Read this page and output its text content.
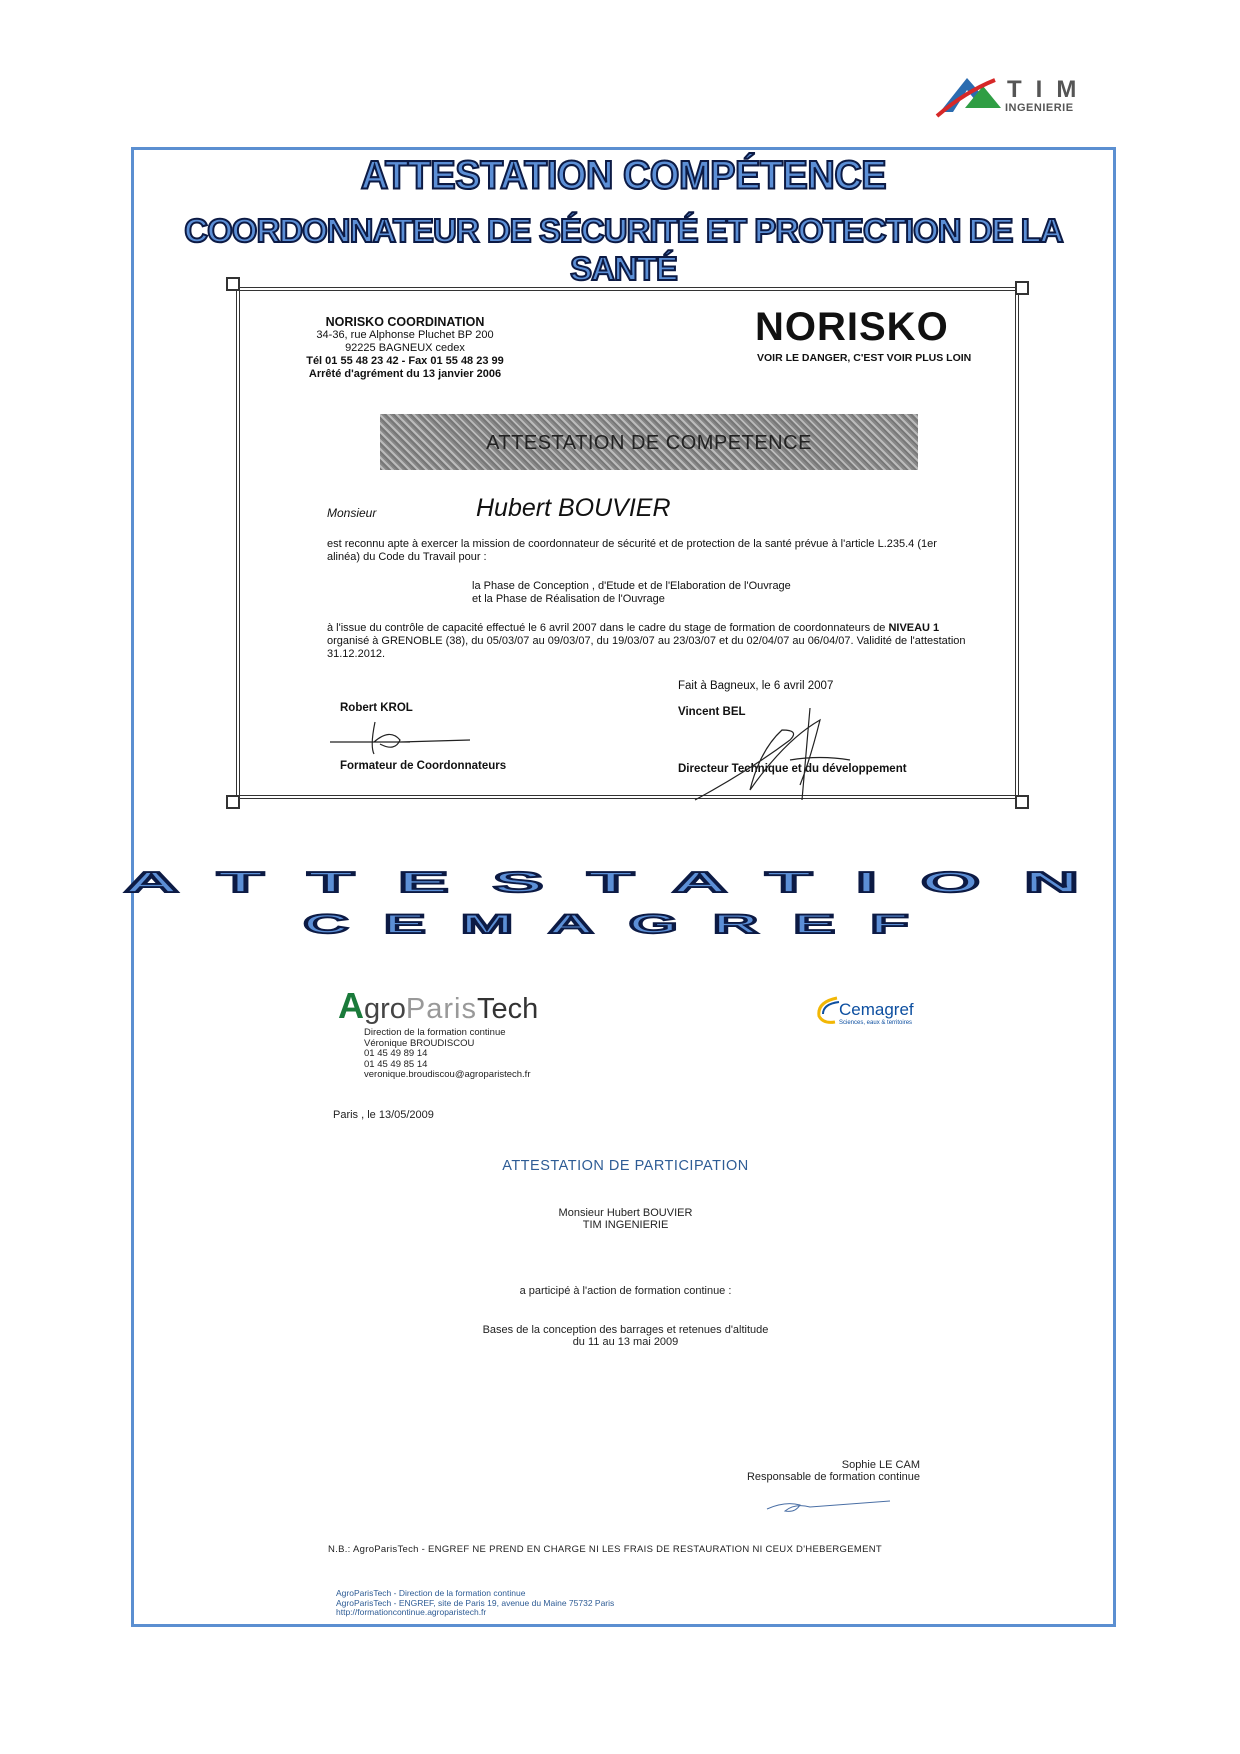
TIM
INGENIERIE
ATTESTATION COMPÉTENCE
COORDONNATEUR DE SÉCURITÉ ET PROTECTION DE LA SANTÉ
NORISKO COORDINATION
34-36, rue Alphonse Pluchet BP 200
92225 BAGNEUX cedex
Tél 01 55 48 23 42 - Fax 01 55 48 23 99
Arrêté d'agrément du 13 janvier 2006
NORISKO
VOIR LE DANGER, C'EST VOIR PLUS LOIN
ATTESTATION DE COMPETENCE
Monsieur	Hubert BOUVIER
est reconnu apte à exercer la mission de coordonnateur de sécurité et de protection de la santé prévue à l'article L.235.4 (1er alinéa) du Code du Travail pour :
la Phase de Conception , d'Etude et de l'Elaboration de l'Ouvrage
et la Phase de Réalisation de l'Ouvrage
à l'issue du contrôle de capacité effectué le 6 avril 2007 dans le cadre du stage de formation de coordonnateurs de NIVEAU 1 organisé à GRENOBLE (38), du 05/03/07 au 09/03/07, du 19/03/07 au 23/03/07 et du 02/04/07 au 06/04/07. Validité de l'attestation 31.12.2012.
Fait à Bagneux, le 6 avril 2007
Robert KROL	Vincent BEL
Formateur de Coordonnateurs	Directeur Technique et du développement
ATTESTATION
CEMAGREF
AgroParisTech	Cemagref
Sciences, eaux & territoires
Direction de la formation continue
Véronique BROUDISCOU
01 45 49 89 14
01 45 49 85 14
veronique.broudiscou@agroparistech.fr
Paris , le 13/05/2009
ATTESTATION DE PARTICIPATION
Monsieur Hubert BOUVIER
TIM INGENIERIE
a participé à l'action de formation continue :
Bases de la conception des barrages et retenues d'altitude
du 11 au 13 mai 2009
Sophie LE CAM
Responsable de formation continue
N.B.: AgroParisTech - ENGREF NE PREND EN CHARGE NI LES FRAIS DE RESTAURATION NI CEUX D'HEBERGEMENT
AgroParisTech - Direction de la formation continue
AgroParisTech - ENGREF, site de Paris 19, avenue du Maine 75732 Paris
http://formationcontinue.agroparistech.fr
